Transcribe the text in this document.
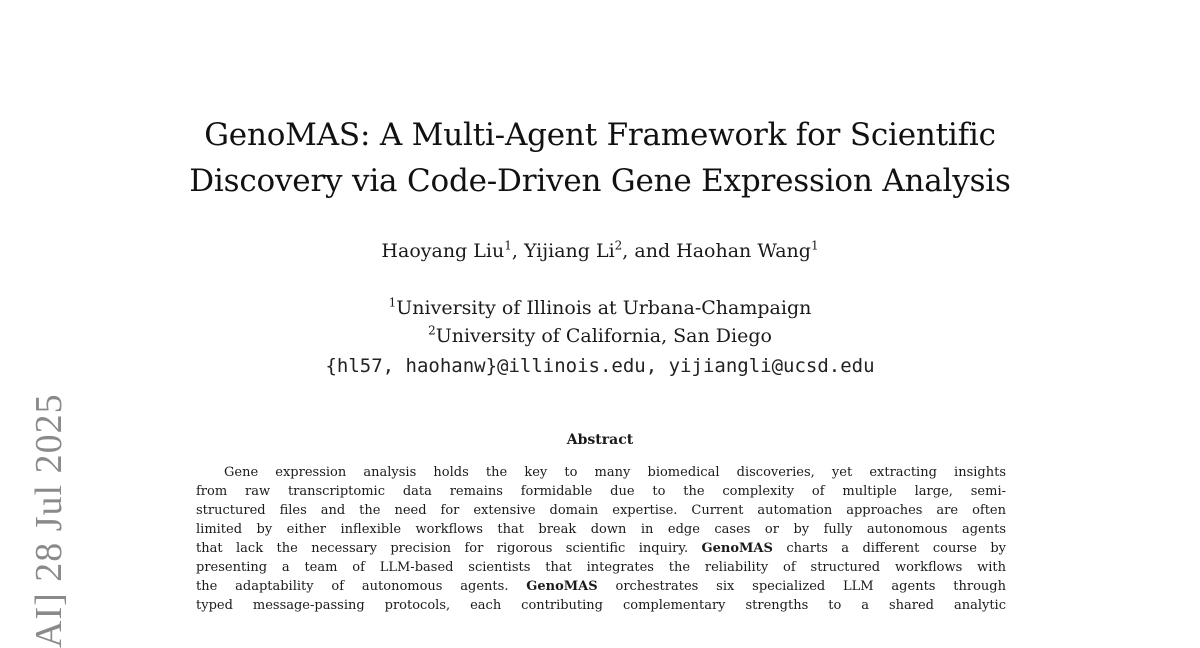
AI] 28 Jul 2025
GenoMAS: A Multi-Agent Framework for Scientific
Discovery via Code-Driven Gene Expression Analysis
Haoyang Liu$^1$, Yijiang Li$^2$, and Haohan Wang$^1$
$^1$University of Illinois at Urbana-Champaign
$^2$University of California, San Diego
{hl57, haohanw}@illinois.edu, yijiangli@ucsd.edu
Abstract
Gene expression analysis holds the key to many biomedical discoveries, yet extracting insights
from raw transcriptomic data remains formidable due to the complexity of multiple large, semi-
structured files and the need for extensive domain expertise. Current automation approaches are often
limited by either inflexible workflows that break down in edge cases or by fully autonomous agents
that lack the necessary precision for rigorous scientific inquiry. GenoMAS charts a different course by
presenting a team of LLM-based scientists that integrates the reliability of structured workflows with
the adaptability of autonomous agents. GenoMAS orchestrates six specialized LLM agents through
typed message-passing protocols, each contributing complementary strengths to a shared analytic
